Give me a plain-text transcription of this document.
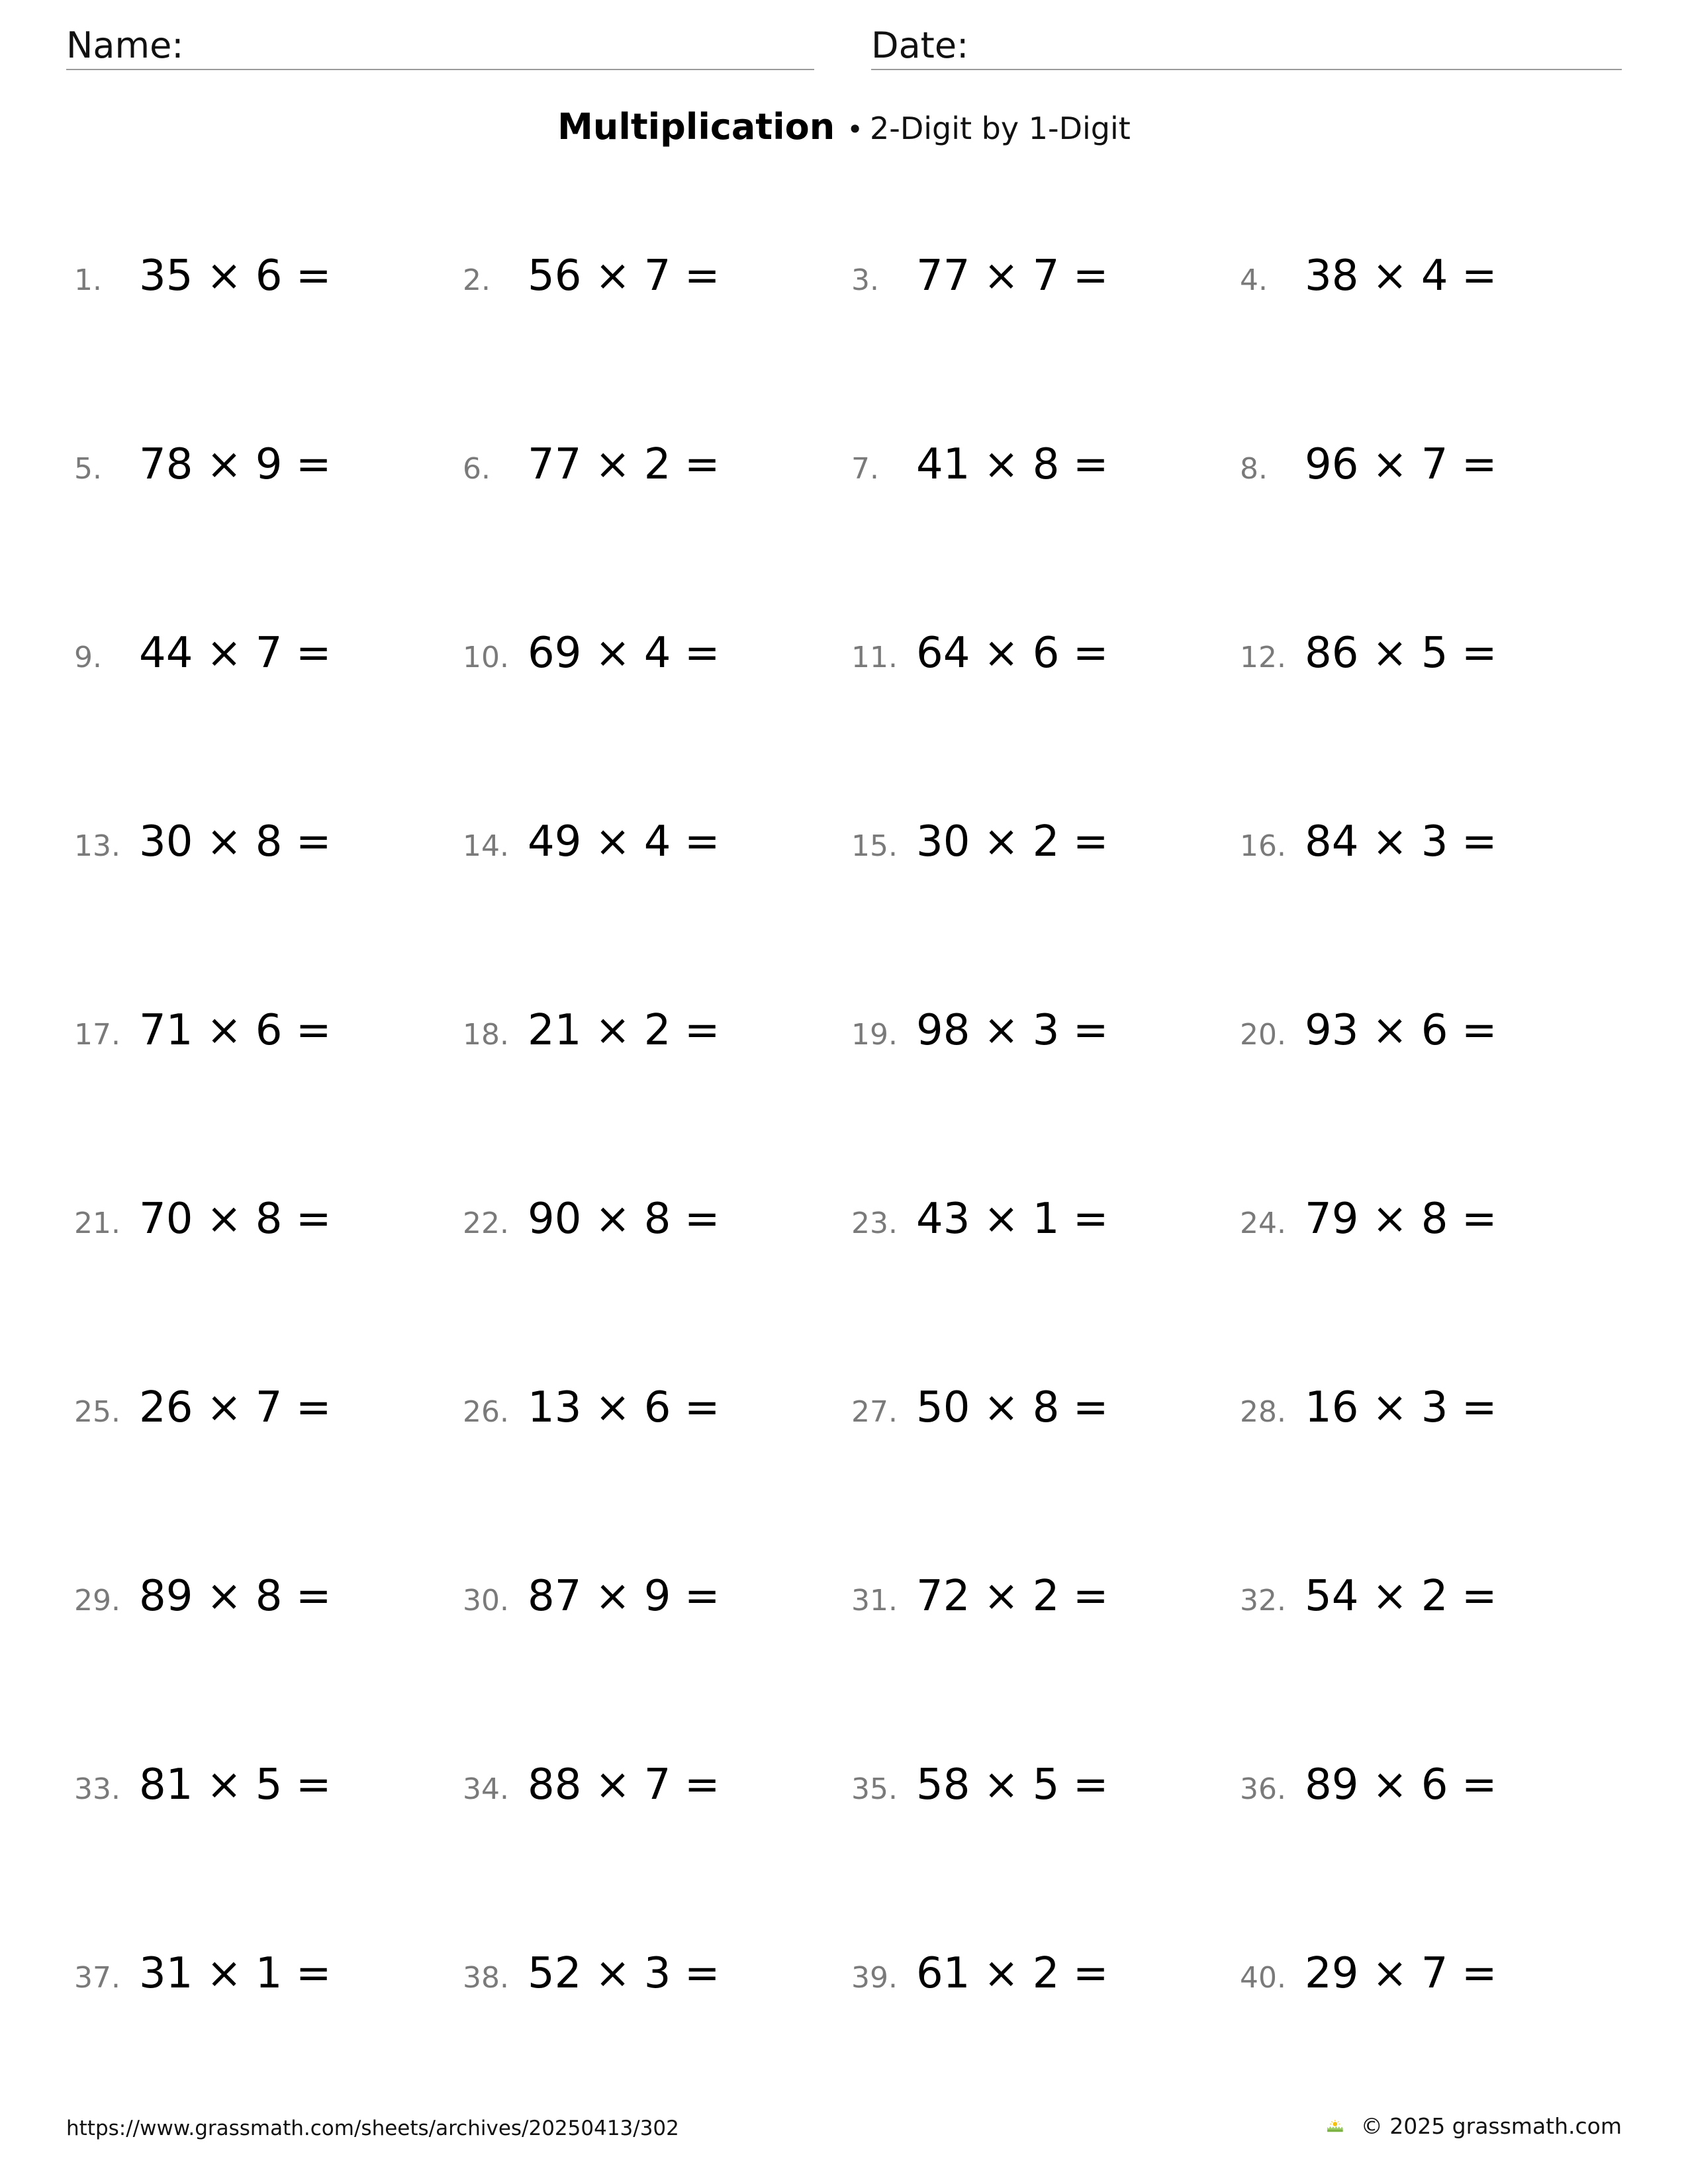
Name:	Date:
Multiplication • 2-Digit by 1-Digit
1. 35 × 6 =	2. 56 × 7 =	3. 77 × 7 =	4. 38 × 4 =
5. 78 × 9 =	6. 77 × 2 =	7. 41 × 8 =	8. 96 × 7 =
9. 44 × 7 =	10. 69 × 4 =	11. 64 × 6 =	12. 86 × 5 =
13. 30 × 8 =	14. 49 × 4 =	15. 30 × 2 =	16. 84 × 3 =
17. 71 × 6 =	18. 21 × 2 =	19. 98 × 3 =	20. 93 × 6 =
21. 70 × 8 =	22. 90 × 8 =	23. 43 × 1 =	24. 79 × 8 =
25. 26 × 7 =	26. 13 × 6 =	27. 50 × 8 =	28. 16 × 3 =
29. 89 × 8 =	30. 87 × 9 =	31. 72 × 2 =	32. 54 × 2 =
33. 81 × 5 =	34. 88 × 7 =	35. 58 × 5 =	36. 89 × 6 =
37. 31 × 1 =	38. 52 × 3 =	39. 61 × 2 =	40. 29 × 7 =
https://www.grassmath.com/sheets/archives/20250413/302	© 2025 grassmath.com
